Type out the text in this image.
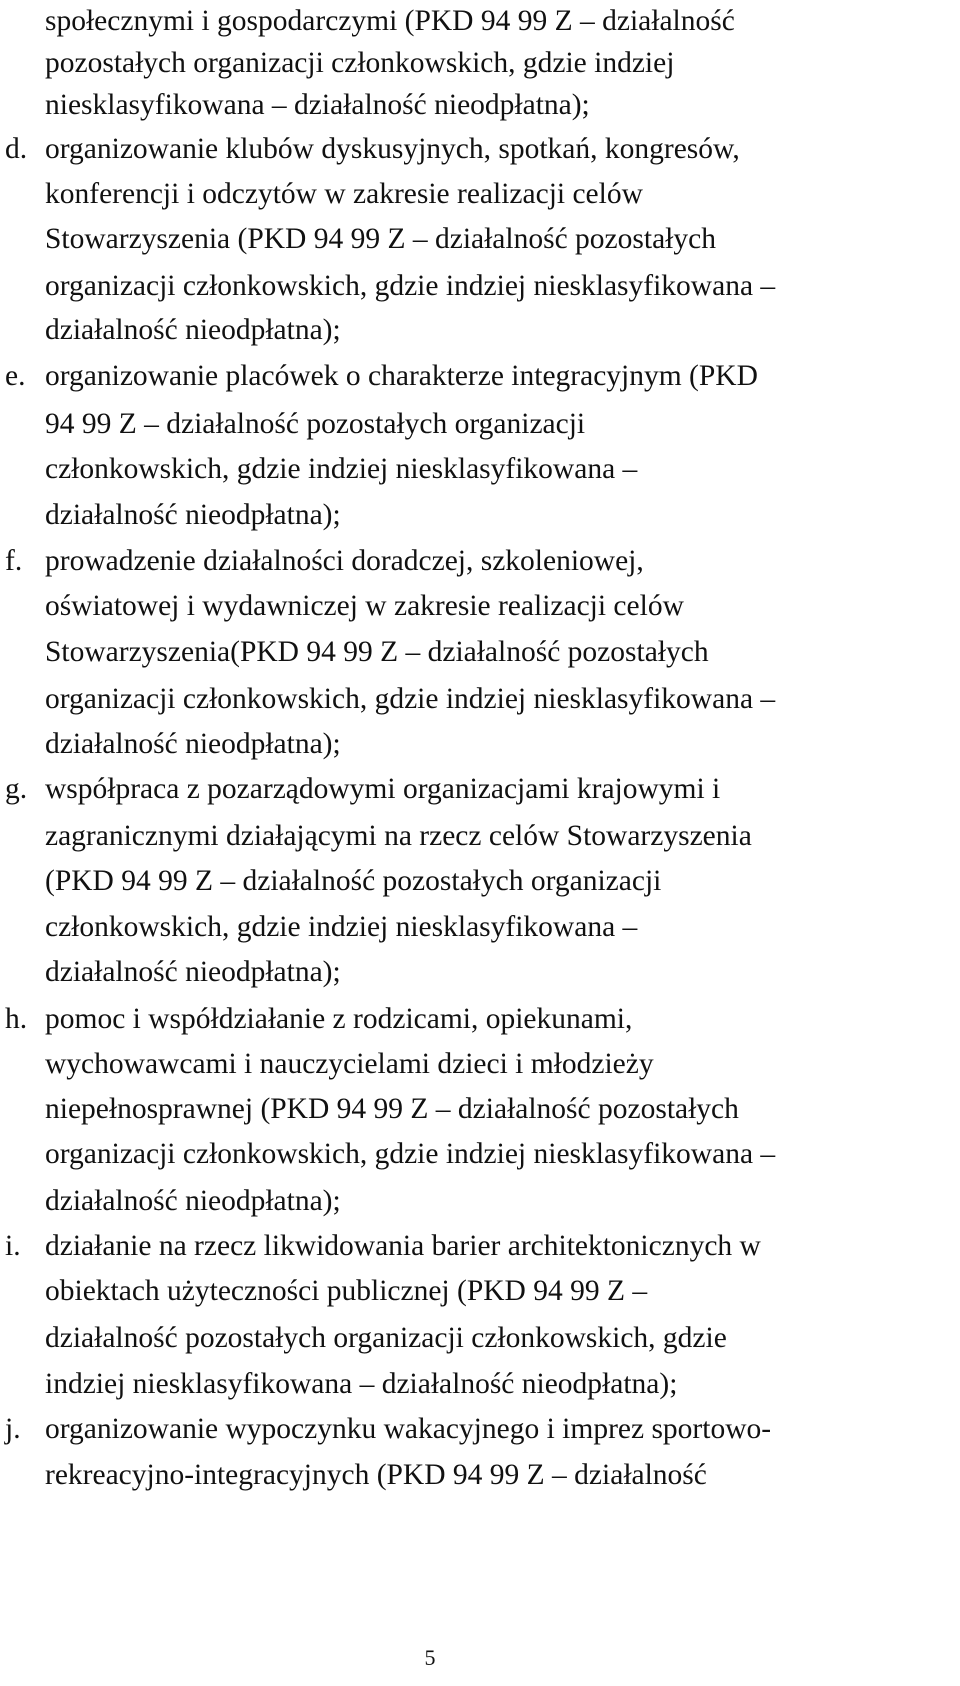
społecznymi i gospodarczymi (PKD 94 99 Z – działalność
pozostałych organizacji członkowskich, gdzie indziej
niesklasyfikowana – działalność nieodpłatna);
d. organizowanie klubów dyskusyjnych, spotkań, kongresów,
konferencji i odczytów w zakresie realizacji celów
Stowarzyszenia (PKD 94 99 Z – działalność pozostałych
organizacji członkowskich, gdzie indziej niesklasyfikowana –
działalność nieodpłatna);
e. organizowanie placówek o charakterze integracyjnym (PKD
94 99 Z – działalność pozostałych organizacji
członkowskich, gdzie indziej niesklasyfikowana –
działalność nieodpłatna);
f. prowadzenie działalności doradczej, szkoleniowej,
oświatowej i wydawniczej w zakresie realizacji celów
Stowarzyszenia(PKD 94 99 Z – działalność pozostałych
organizacji członkowskich, gdzie indziej niesklasyfikowana –
działalność nieodpłatna);
g. współpraca z pozarządowymi organizacjami krajowymi i
zagranicznymi działającymi na rzecz celów Stowarzyszenia
(PKD 94 99 Z – działalność pozostałych organizacji
członkowskich, gdzie indziej niesklasyfikowana –
działalność nieodpłatna);
h. pomoc i współdziałanie z rodzicami, opiekunami,
wychowawcami i nauczycielami dzieci i młodzieży
niepełnosprawnej (PKD 94 99 Z – działalność pozostałych
organizacji członkowskich, gdzie indziej niesklasyfikowana –
działalność nieodpłatna);
i. działanie na rzecz likwidowania barier architektonicznych w
obiektach użyteczności publicznej (PKD 94 99 Z –
działalność pozostałych organizacji członkowskich, gdzie
indziej niesklasyfikowana – działalność nieodpłatna);
j. organizowanie wypoczynku wakacyjnego i imprez sportowo-
rekreacyjno-integracyjnych (PKD 94 99 Z – działalność
5
